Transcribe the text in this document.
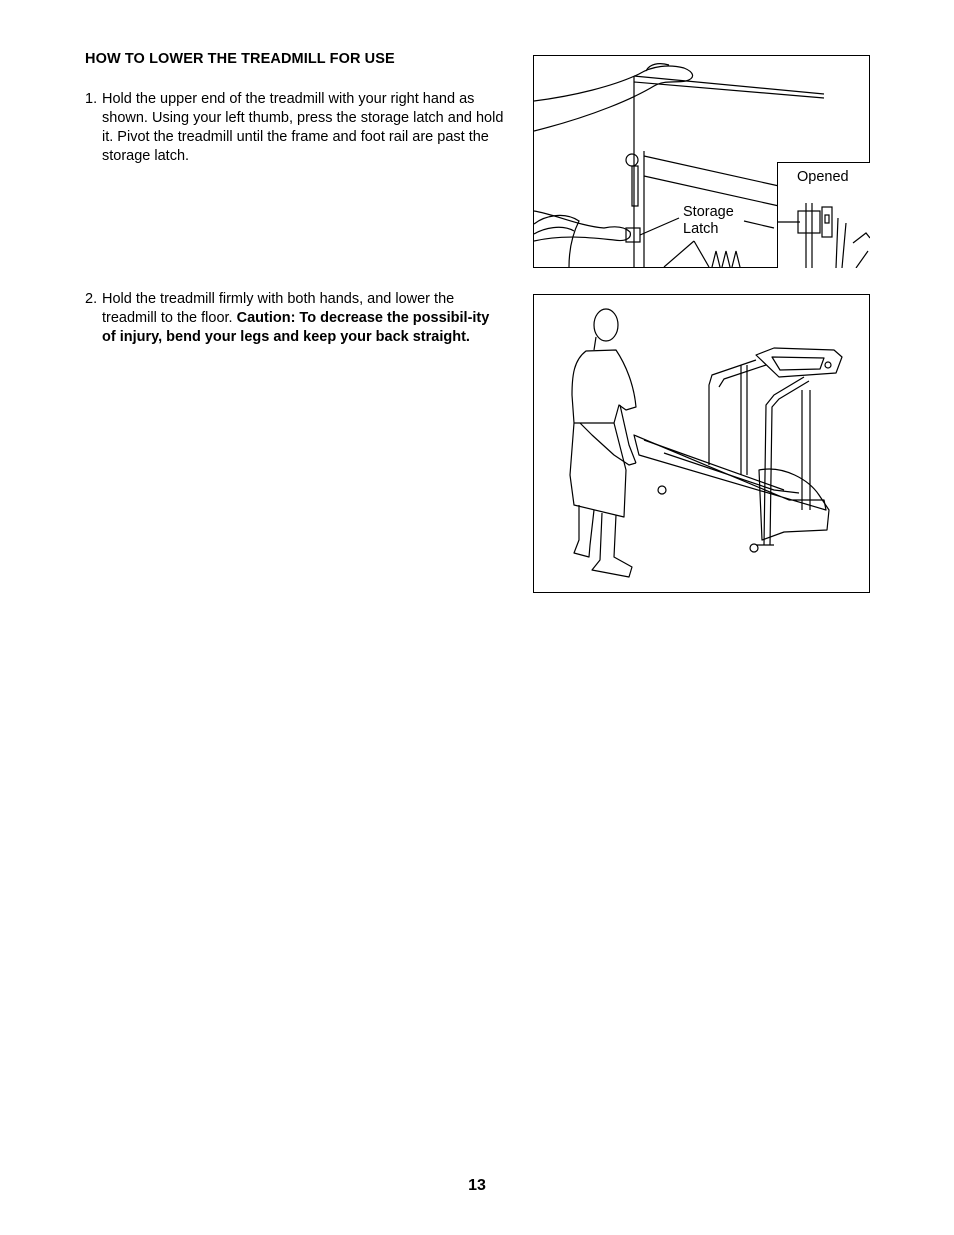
HOW TO LOWER THE TREADMILL FOR USE
1. Hold the upper end of the treadmill with your right hand as shown. Using your left thumb, press the storage latch and hold it. Pivot the treadmill until the frame and foot rail are past the storage latch.
2. Hold the treadmill firmly with both hands, and lower the treadmill to the floor. Caution: To decrease the possibil-ity of injury, bend your legs and keep your back straight.
Storage
Latch
Opened
13
